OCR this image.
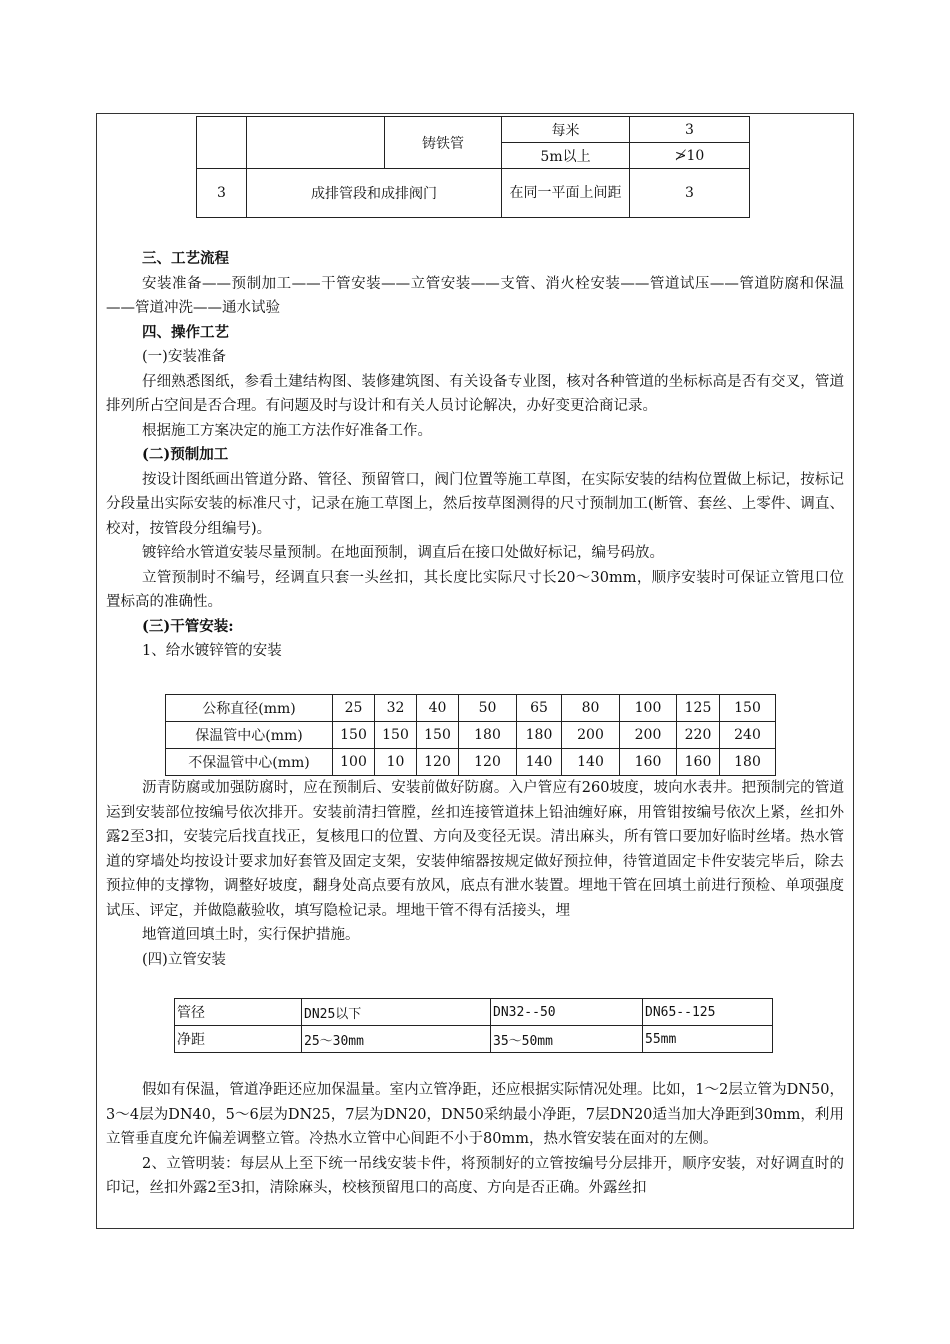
		铸铁管	每米	3
			5m以上	≯10
3	成排管段和成排阀门		在同一平面上间距	3

三、工艺流程

安装准备——预制加工——干管安装——立管安装——支管、消火栓安装——管道试压——管道防腐和保温——管道冲洗——通水试验

四、操作工艺

(一)安装准备

仔细熟悉图纸，参看土建结构图、装修建筑图、有关设备专业图，核对各种管道的坐标标高是否有交叉，管道排列所占空间是否合理。有问题及时与设计和有关人员讨论解决，办好变更洽商记录。

根据施工方案决定的施工方法作好准备工作。

(二)预制加工

按设计图纸画出管道分路、管径、预留管口，阀门位置等施工草图，在实际安装的结构位置做上标记，按标记分段量出实际安装的标准尺寸，记录在施工草图上，然后按草图测得的尺寸预制加工(断管、套丝、上零件、调直、校对，按管段分组编号)。

镀锌给水管道安装尽量预制。在地面预制，调直后在接口处做好标记，编号码放。

立管预制时不编号，经调直只套一头丝扣，其长度比实际尺寸长20～30mm，顺序安装时可保证立管甩口位置标高的准确性。

(三)干管安装:

1、给水镀锌管的安装

公称直径(mm)	25	32	40	50	65	80	100	125	150
保温管中心(mm)	150	150	150	180	180	200	200	220	240
不保温管中心(mm)	100	10	120	120	140	140	160	160	180

沥青防腐或加强防腐时，应在预制后、安装前做好防腐。入户管应有260坡度，坡向水表井。把预制完的管道运到安装部位按编号依次排开。安装前清扫管膛，丝扣连接管道抹上铅油缠好麻，用管钳按编号依次上紧，丝扣外露2至3扣，安装完后找直找正，复核甩口的位置、方向及变径无误。清出麻头，所有管口要加好临时丝堵。热水管道的穿墙处均按设计要求加好套管及固定支架，安装伸缩器按规定做好预拉伸，待管道固定卡件安装完毕后，除去预拉伸的支撑物，调整好坡度，翻身处高点要有放风，底点有泄水装置。埋地干管在回填土前进行预检、单项强度试压、评定，并做隐蔽验收，填写隐检记录。埋地干管不得有活接头，埋

地管道回填土时，实行保护措施。

(四)立管安装

管径	DN25以下	DN32--50	DN65--125
净距	25～30mm	35～50mm	55mm

假如有保温，管道净距还应加保温量。室内立管净距，还应根据实际情况处理。比如，1～2层立管为DN50，3～4层为DN40，5～6层为DN25，7层为DN20，DN50采纳最小净距，7层DN20适当加大净距到30mm，利用立管垂直度允许偏差调整立管。冷热水立管中心间距不小于80mm，热水管安装在面对的左侧。

2、立管明装：每层从上至下统一吊线安装卡件，将预制好的立管按编号分层排开，顺序安装，对好调直时的印记，丝扣外露2至3扣，清除麻头，校核预留甩口的高度、方向是否正确。外露丝扣
